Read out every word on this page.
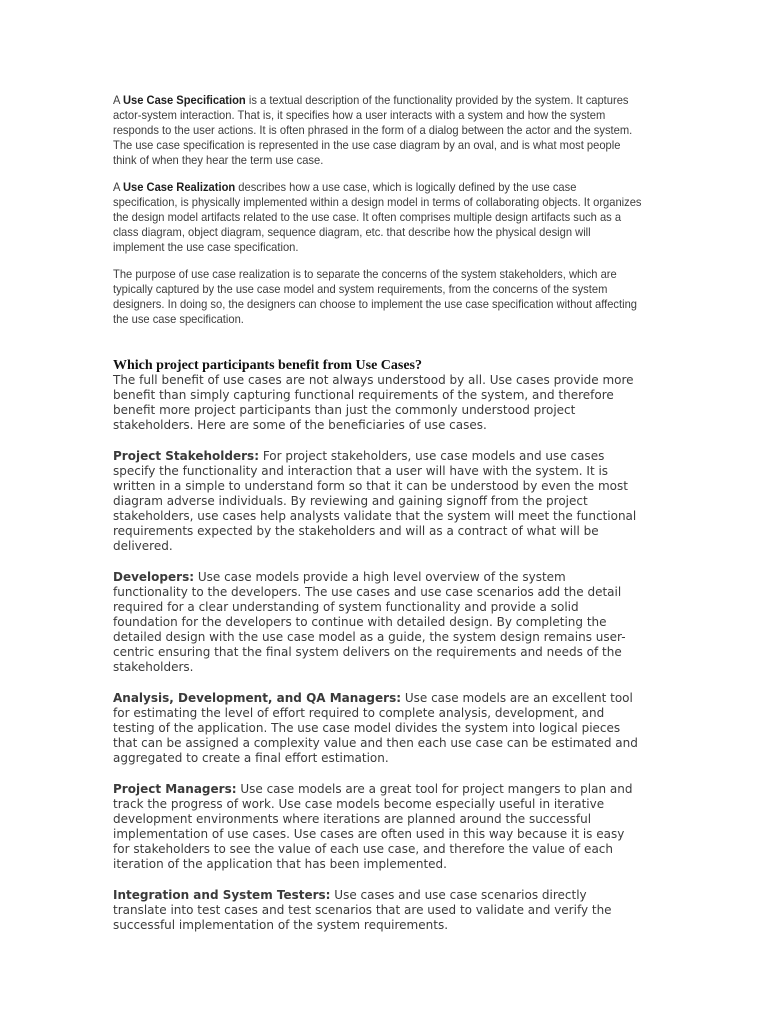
A Use Case Specification is a textual description of the functionality provided by the system. It captures actor-system interaction. That is, it specifies how a user interacts with a system and how the system responds to the user actions. It is often phrased in the form of a dialog between the actor and the system. The use case specification is represented in the use case diagram by an oval, and is what most people think of when they hear the term use case.

A Use Case Realization describes how a use case, which is logically defined by the use case specification, is physically implemented within a design model in terms of collaborating objects. It organizes the design model artifacts related to the use case. It often comprises multiple design artifacts such as a class diagram, object diagram, sequence diagram, etc. that describe how the physical design will implement the use case specification.

The purpose of use case realization is to separate the concerns of the system stakeholders, which are typically captured by the use case model and system requirements, from the concerns of the system designers. In doing so, the designers can choose to implement the use case specification without affecting the use case specification.

Which project participants benefit from Use Cases?

The full benefit of use cases are not always understood by all. Use cases provide more benefit than simply capturing functional requirements of the system, and therefore benefit more project participants than just the commonly understood project stakeholders. Here are some of the beneficiaries of use cases.

Project Stakeholders: For project stakeholders, use case models and use cases specify the functionality and interaction that a user will have with the system. It is written in a simple to understand form so that it can be understood by even the most diagram adverse individuals. By reviewing and gaining signoff from the project stakeholders, use cases help analysts validate that the system will meet the functional requirements expected by the stakeholders and will as a contract of what will be delivered.

Developers: Use case models provide a high level overview of the system functionality to the developers. The use cases and use case scenarios add the detail required for a clear understanding of system functionality and provide a solid foundation for the developers to continue with detailed design. By completing the detailed design with the use case model as a guide, the system design remains user-centric ensuring that the final system delivers on the requirements and needs of the stakeholders.

Analysis, Development, and QA Managers: Use case models are an excellent tool for estimating the level of effort required to complete analysis, development, and testing of the application. The use case model divides the system into logical pieces that can be assigned a complexity value and then each use case can be estimated and aggregated to create a final effort estimation.

Project Managers: Use case models are a great tool for project mangers to plan and track the progress of work. Use case models become especially useful in iterative development environments where iterations are planned around the successful implementation of use cases. Use cases are often used in this way because it is easy for stakeholders to see the value of each use case, and therefore the value of each iteration of the application that has been implemented.

Integration and System Testers: Use cases and use case scenarios directly translate into test cases and test scenarios that are used to validate and verify the successful implementation of the system requirements.
